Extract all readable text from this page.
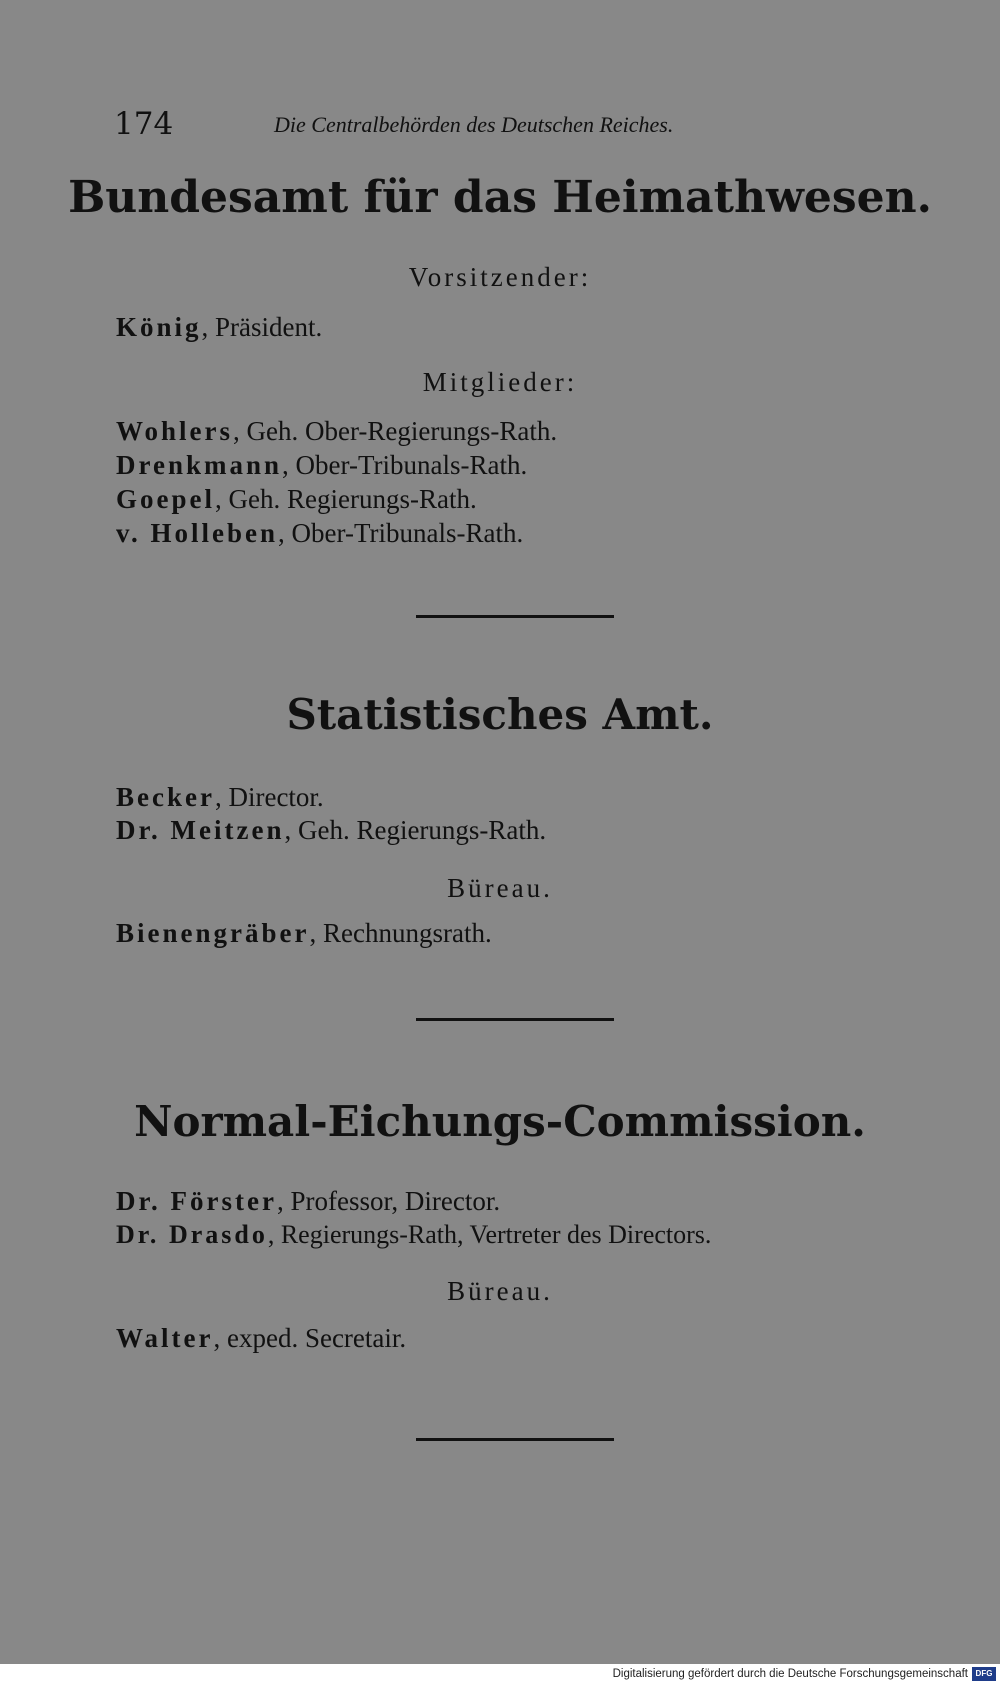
174	Die Centralbehörden des Deutschen Reiches.
Bundesamt für das Heimathwesen.
Vorsitzender:
König, Präsident.
Mitglieder:
Wohlers, Geh. Ober-Regierungs-Rath.
Drenkmann, Ober-Tribunals-Rath.
Goepel, Geh. Regierungs-Rath.
v. Holleben, Ober-Tribunals-Rath.
Statistisches Amt.
Becker, Director.
Dr. Meitzen, Geh. Regierungs-Rath.
Büreau.
Bienengräber, Rechnungsrath.
Normal-Eichungs-Commission.
Dr. Förster, Professor, Director.
Dr. Drasdo, Regierungs-Rath, Vertreter des Directors.
Büreau.
Walter, exped. Secretair.
Digitalisierung gefördert durch die Deutsche Forschungsgemeinschaft DFG
